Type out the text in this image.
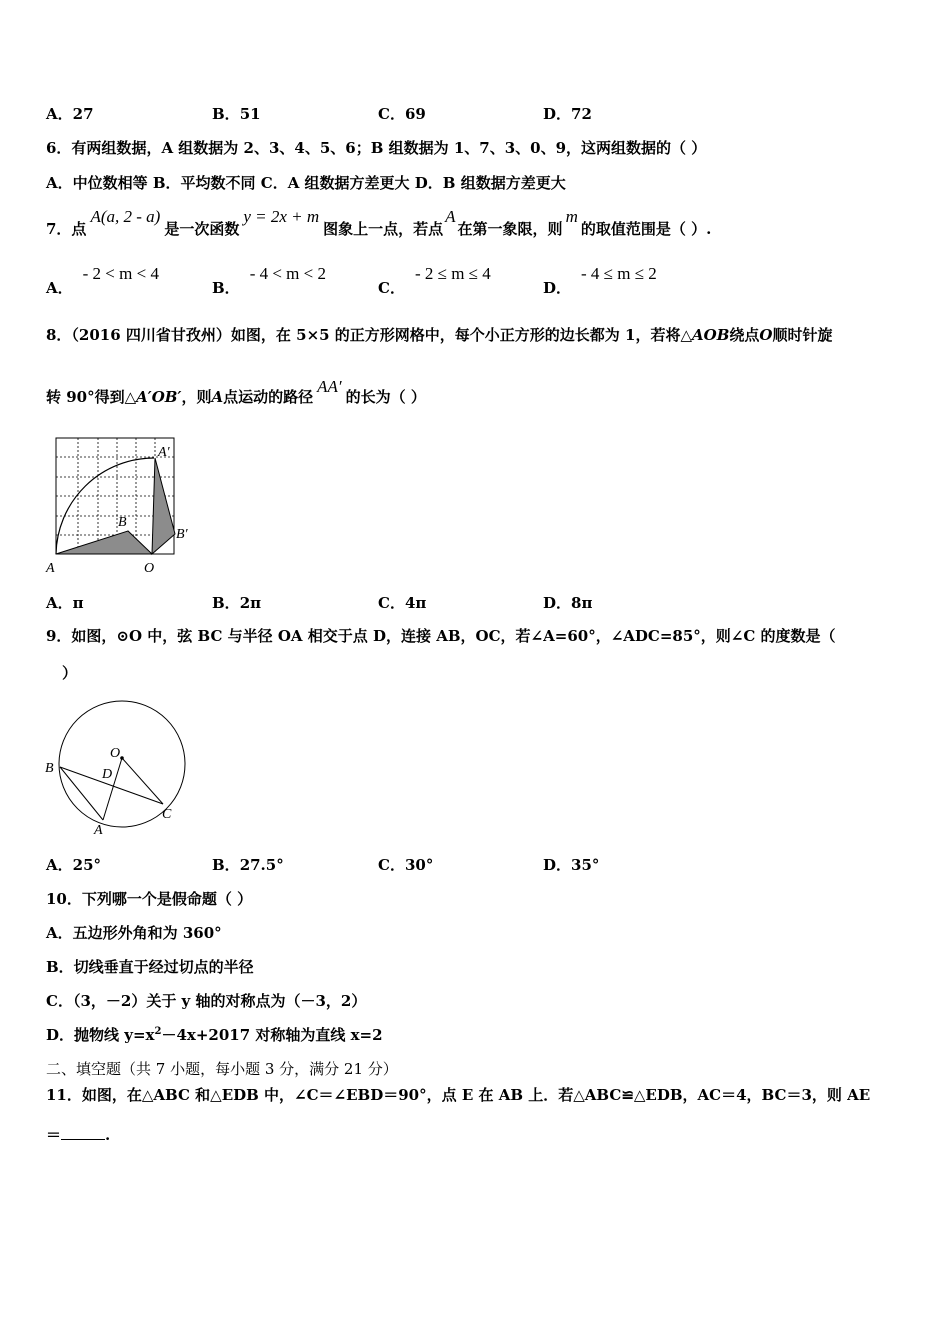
A．27	B．51	C．69	D．72
6．有两组数据，A 组数据为 2、3、4、5、6；B 组数据为 1、7、3、0、9，这两组数据的（ ）
A．中位数相等 B．平均数不同 C．A 组数据方差更大 D．B 组数据方差更大
7．点A(a, 2 - a)是一次函数y = 2x + m图象上一点，若点A在第一象限，则m的取值范围是（ ）.
A．- 2 < m < 4
B．- 4 < m < 2
C．- 2 ≤ m ≤ 4
D．- 4 ≤ m ≤ 2
8．（2016 四川省甘孜州）如图，在 5×5 的正方形网格中，每个小正方形的边长都为 1，若将△AOB绕点O顺时针旋
转 90°得到△A′OB′，则A点运动的路径AA′的长为（ ）
A	O
B
A′
B′
A．π	B．2π	C．4π	D．8π
9．如图，⊙O 中，弦 BC 与半径 OA 相交于点 D，连接 AB，OC，若∠A=60°，∠ADC=85°，则∠C 的度数是（
）
O
B	D
A
C
A．25°	B．27.5°	C．30°	D．35°
10．下列哪一个是假命题（ ）
A．五边形外角和为 360°
B．切线垂直于经过切点的半径
C．（3，－2）关于 y 轴的对称点为（－3，2）
D．抛物线 $y=x^2-4x+2017$ 对称轴为直线 x=2
二、填空题（共 7 小题，每小题 3 分，满分 21 分）
11．如图，在△ABC 和△EDB 中，∠C＝∠EBD＝90°，点 E 在 AB 上．若△ABC≌△EDB，AC＝4，BC＝3，则 AE
＝	.
